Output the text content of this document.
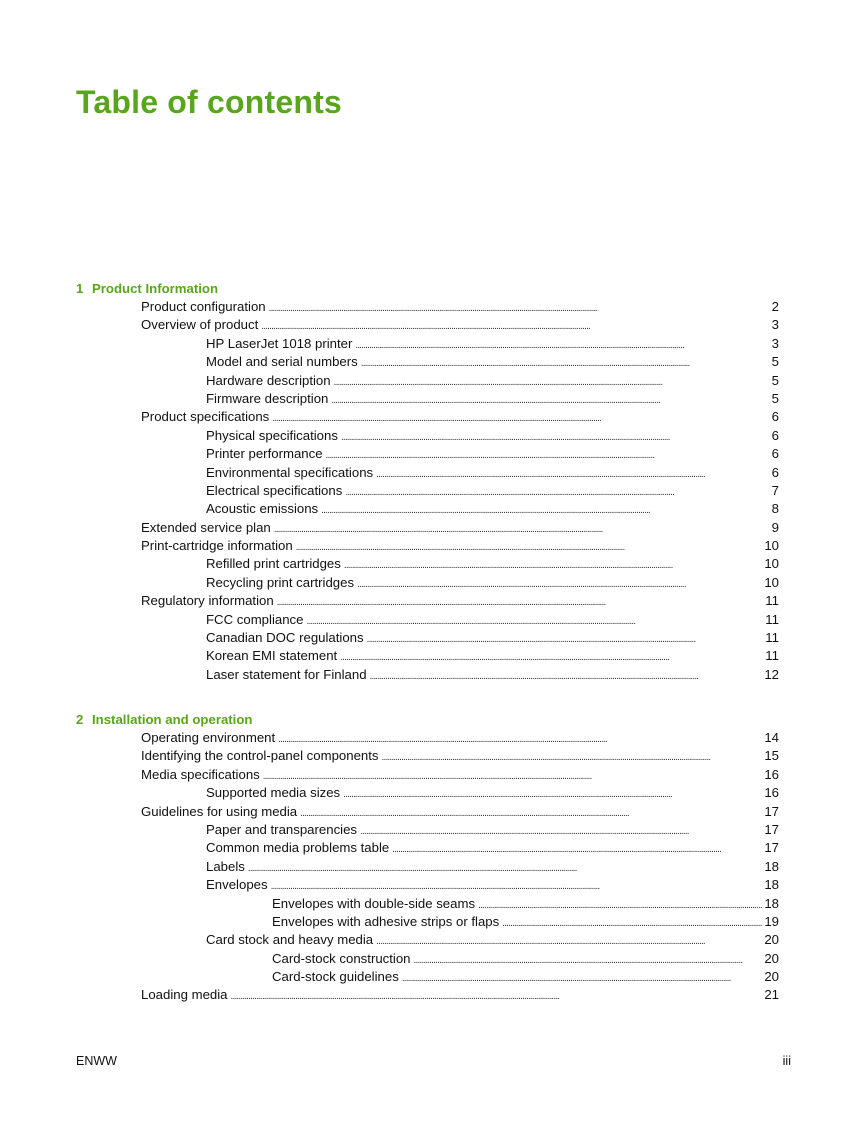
Table of contents
1 Product Information
Product configuration . . .	2
Overview of product . . .	3
HP LaserJet 1018 printer . . .	3
Model and serial numbers . . .	5
Hardware description . . .	5
Firmware description . . .	5
Product specifications . . .	6
Physical specifications . . .	6
Printer performance . . .	6
Environmental specifications . . .	6
Electrical specifications . . .	7
Acoustic emissions . . .	8
Extended service plan . . .	9
Print-cartridge information . . .	10
Refilled print cartridges . . .	10
Recycling print cartridges . . .	10
Regulatory information . . .	11
FCC compliance . . .	11
Canadian DOC regulations . . .	11
Korean EMI statement . . .	11
Laser statement for Finland . . .	12
2 Installation and operation
Operating environment . . .	14
Identifying the control-panel components . . .	15
Media specifications . . .	16
Supported media sizes . . .	16
Guidelines for using media . . .	17
Paper and transparencies . . .	17
Common media problems table . . .	17
Labels . . .	18
Envelopes . . .	18
Envelopes with double-side seams . . .	18
Envelopes with adhesive strips or flaps . . .	19
Card stock and heavy media . . .	20
Card-stock construction . . .	20
Card-stock guidelines . . .	20
Loading media . . .	21
ENWW	iii
